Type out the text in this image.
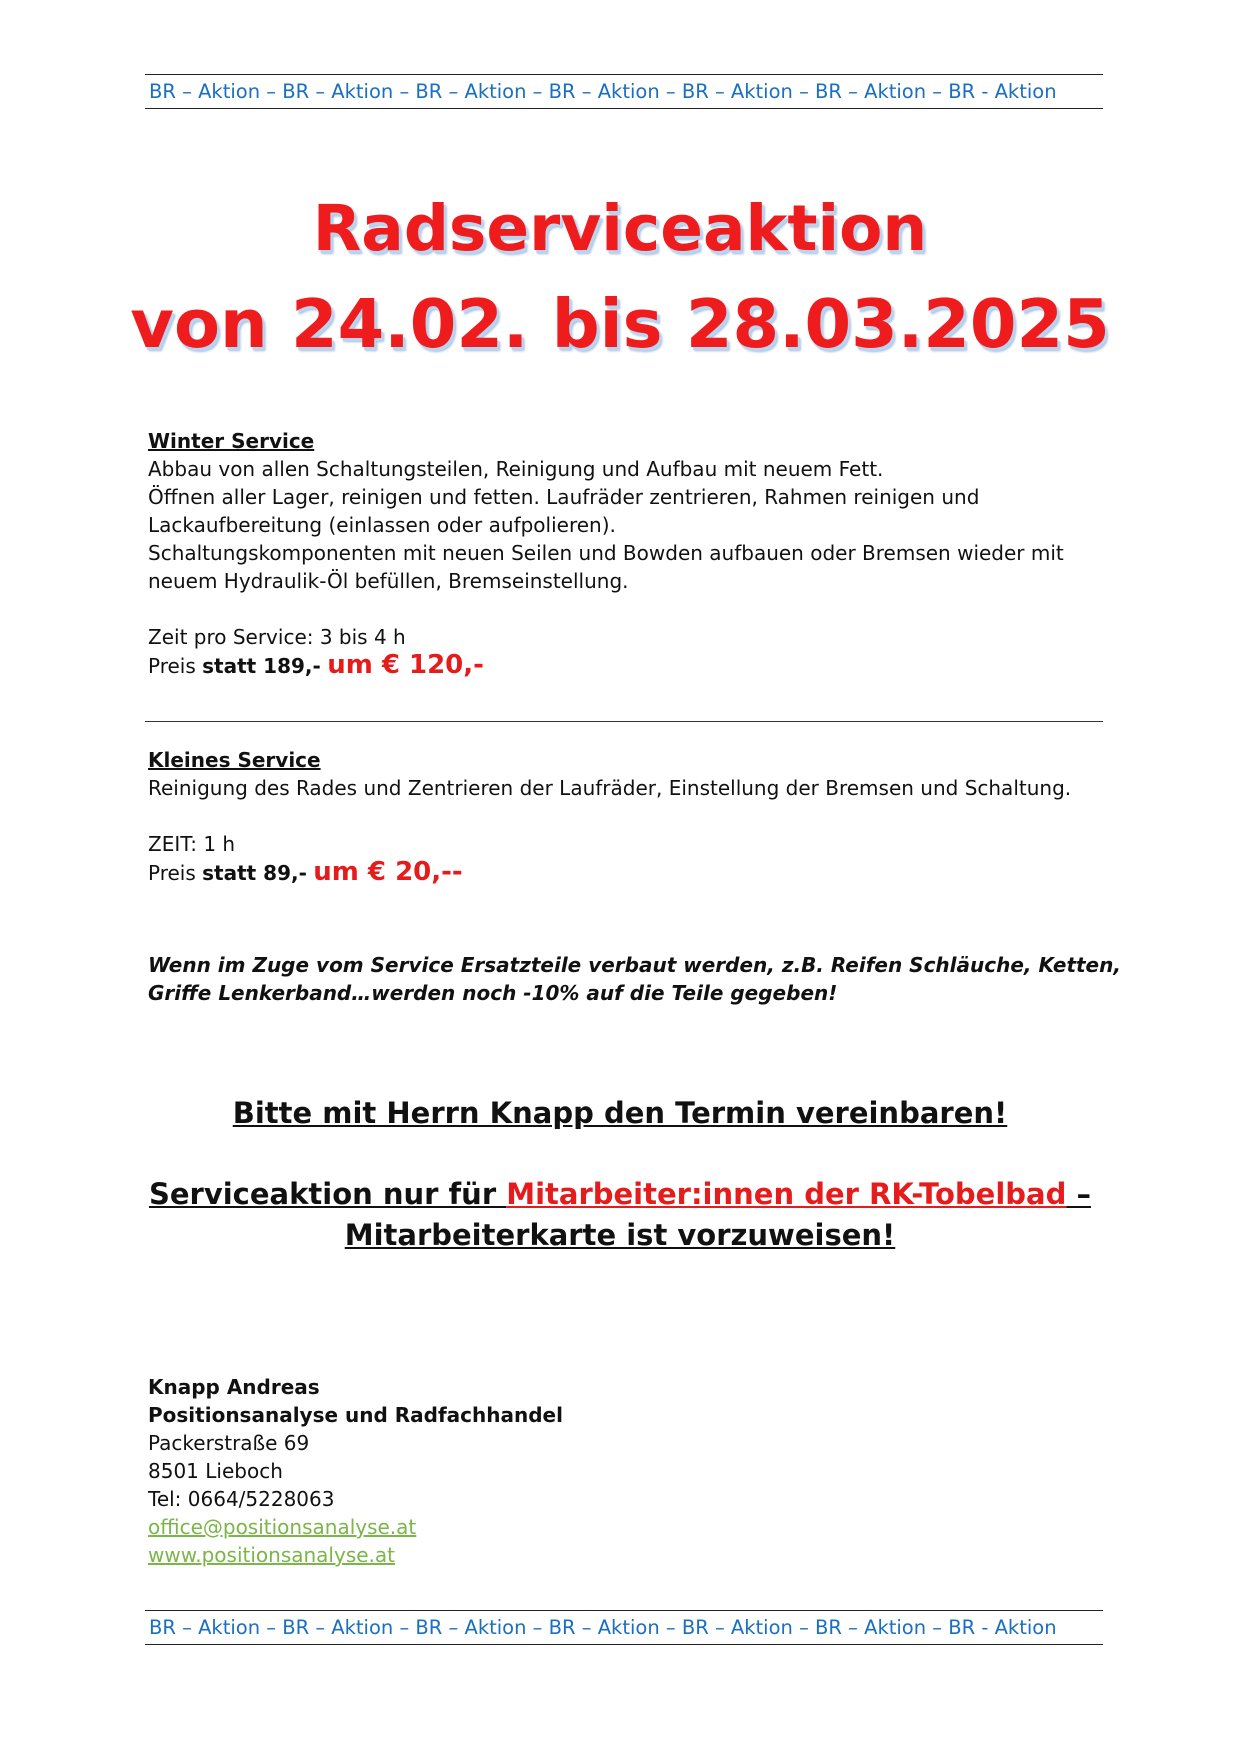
BR – Aktion – BR – Aktion – BR – Aktion – BR – Aktion – BR – Aktion – BR – Aktion – BR - Aktion
Radserviceaktion
von 24.02. bis 28.03.2025
Winter Service
Abbau von allen Schaltungsteilen, Reinigung und Aufbau mit neuem Fett.
Öffnen aller Lager, reinigen und fetten. Laufräder zentrieren, Rahmen reinigen und
Lackaufbereitung (einlassen oder aufpolieren).
Schaltungskomponenten mit neuen Seilen und Bowden aufbauen oder Bremsen wieder mit
neuem Hydraulik-Öl befüllen, Bremseinstellung.
Zeit pro Service: 3 bis 4 h
Preis statt 189,- um € 120,-
Kleines Service
Reinigung des Rades und Zentrieren der Laufräder, Einstellung der Bremsen und Schaltung.
ZEIT: 1 h
Preis statt 89,- um € 20,--
Wenn im Zuge vom Service Ersatzteile verbaut werden, z.B. Reifen Schläuche, Ketten,
Griffe Lenkerband…werden noch -10% auf die Teile gegeben!
Bitte mit Herrn Knapp den Termin vereinbaren!
Serviceaktion nur für Mitarbeiter:innen der RK-Tobelbad –
Mitarbeiterkarte ist vorzuweisen!
Knapp Andreas
Positionsanalyse und Radfachhandel
Packerstraße 69
8501 Lieboch
Tel: 0664/5228063
office@positionsanalyse.at
www.positionsanalyse.at
BR – Aktion – BR – Aktion – BR – Aktion – BR – Aktion – BR – Aktion – BR – Aktion – BR - Aktion
